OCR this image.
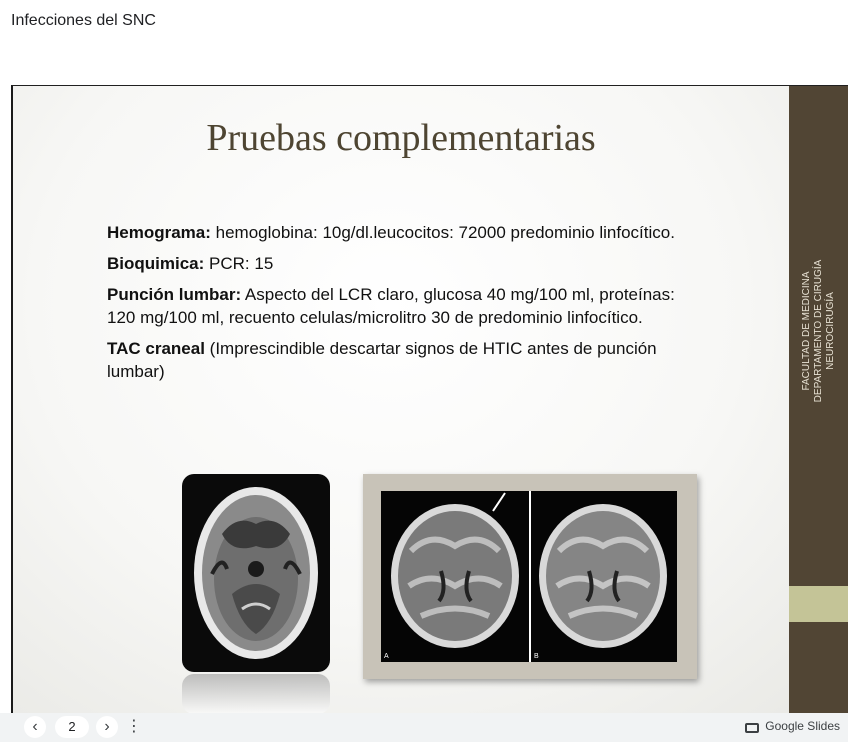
Infecciones del SNC
FACULTAD DE MEDICINA DEPARTAMENTO DE CIRUGÍA NEUROCIRUGÍA
Pruebas complementarias

Hemograma: hemoglobina: 10g/dl.leucocitos: 72000 predominio linfocítico.

Bioquimica: PCR: 15

Punción lumbar: Aspecto del LCR claro, glucosa 40 mg/100 ml, proteínas: 120 mg/100 ml, recuento celulas/microlitro 30 de predominio linfocítico.

TAC craneal (Imprescindible descartar signos de HTIC antes de punción lumbar)

A	B
‹	2	›	⋮	Google Slides
